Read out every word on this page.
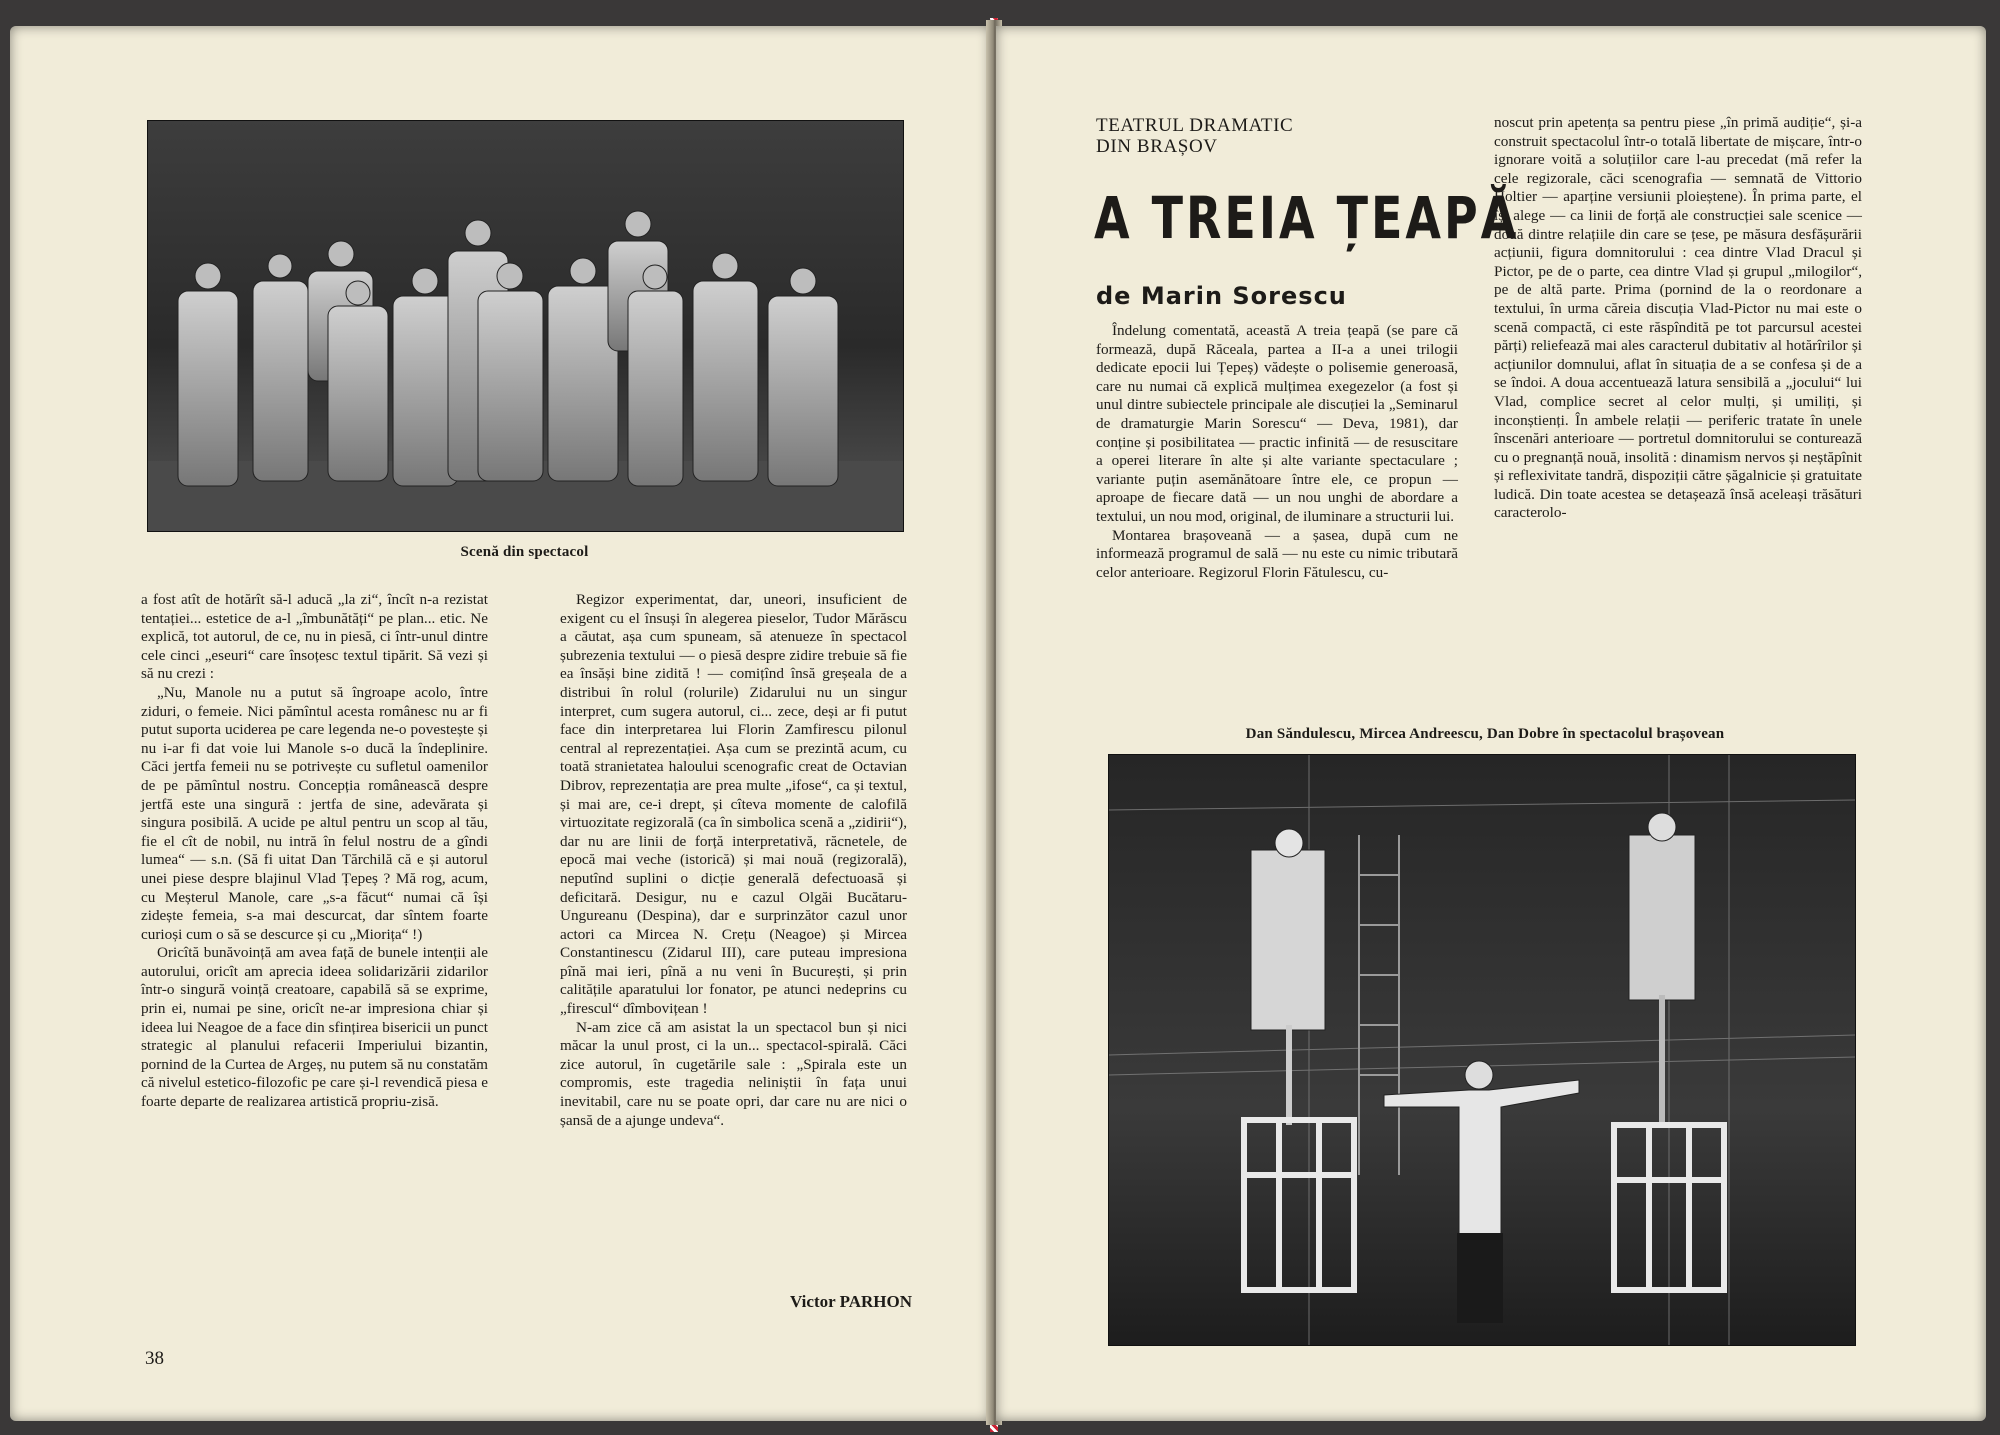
Scenă din spectacol

a fost atît de hotărît să-l aducă „la zi“, încît n-a rezistat tentației... estetice de a-l „îmbunătăți“ pe plan... etic. Ne explică, tot autorul, de ce, nu in piesă, ci într-unul dintre cele cinci „eseuri“ care însoțesc textul tipărit. Să vezi și să nu crezi :

„Nu, Manole nu a putut să îngroape acolo, între ziduri, o femeie. Nici pămîntul acesta românesc nu ar fi putut suporta uciderea pe care legenda ne-o povestește și nu i-ar fi dat voie lui Manole s-o ducă la îndeplinire. Căci jertfa femeii nu se potrivește cu sufletul oamenilor de pe pămîntul nostru. Concepția românească despre jertfă este una singură : jertfa de sine, adevărata și singura posibilă. A ucide pe altul pentru un scop al tău, fie el cît de nobil, nu intră în felul nostru de a gîndi lumea“ — s.n. (Să fi uitat Dan Tărchilă că e și autorul unei piese despre blajinul Vlad Țepeș ? Mă rog, acum, cu Meșterul Manole, care „s-a făcut“ numai că își zidește femeia, s-a mai descurcat, dar sîntem foarte curioși cum o să se descurce și cu „Miorița“ !)

Oricîtă bunăvoință am avea față de bunele intenții ale autorului, oricît am aprecia ideea solidarizării zidarilor într-o singură voință creatoare, capabilă să se exprime, prin ei, numai pe sine, oricît ne-ar impresiona chiar și ideea lui Neagoe de a face din sfințirea bisericii un punct strategic al planului refacerii Imperiului bizantin, pornind de la Curtea de Argeș, nu putem să nu constatăm că nivelul estetico-filozofic pe care și-l revendică piesa e foarte departe de realizarea artistică propriu-zisă.

Regizor experimentat, dar, uneori, insuficient de exigent cu el însuși în alegerea pieselor, Tudor Mărăscu a căutat, așa cum spuneam, să atenueze în spectacol șubrezenia textului — o piesă despre zidire trebuie să fie ea însăși bine zidită ! — comițînd însă greșeala de a distribui în rolul (rolurile) Zidarului nu un singur interpret, cum sugera autorul, ci... zece, deși ar fi putut face din interpretarea lui Florin Zamfirescu pilonul central al reprezentației. Așa cum se prezintă acum, cu toată stranietatea haloului scenografic creat de Octavian Dibrov, reprezentația are prea multe „ifose“, ca și textul, și mai are, ce-i drept, și cîteva momente de calofilă virtuozitate regizorală (ca în simbolica scenă a „zidirii“), dar nu are linii de forță interpretativă, răcnetele, de epocă mai veche (istorică) și mai nouă (regizorală), neputînd suplini o dicție generală defectuoasă și deficitară. Desigur, nu e cazul Olgăi Bucătaru-Ungureanu (Despina), dar e surprinzător cazul unor actori ca Mircea N. Crețu (Neagoe) și Mircea Constantinescu (Zidarul III), care puteau impresiona pînă mai ieri, pînă a nu veni în București, și prin calitățile aparatului lor fonator, pe atunci nedeprins cu „firescul“ dîmbovițean !

N-am zice că am asistat la un spectacol bun și nici măcar la unul prost, ci la un... spectacol-spirală. Căci zice autorul, în cugetările sale : „Spirala este un compromis, este tragedia neliniștii în fața unui inevitabil, care nu se poate opri, dar care nu are nici o șansă de a ajunge undeva“.

Victor PARHON
38
TEATRUL DRAMATIC
DIN BRAȘOV
A TREIA ȚEAPĂ
de Marin Sorescu

Îndelung comentată, această A treia țeapă (se pare că formează, după Răceala, partea a II-a a unei trilogii dedicate epocii lui Țepeș) vădește o polisemie generoasă, care nu numai că explică mulțimea exegezelor (a fost și unul dintre subiectele principale ale discuției la „Seminarul de dramaturgie Marin Sorescu“ — Deva, 1981), dar conține și posibilitatea — practic infinită — de resuscitare a operei literare în alte și alte variante spectaculare ; variante puțin asemănătoare între ele, ce propun — aproape de fiecare dată — un nou unghi de abordare a textului, un nou mod, original, de iluminare a structurii lui.

Montarea brașoveană — a șasea, după cum ne informează programul de sală — nu este cu nimic tributară celor anterioare. Regizorul Florin Fătulescu, cu-

noscut prin apetența sa pentru piese „în primă audiție“, și-a construit spectacolul într-o totală libertate de mișcare, într-o ignorare voită a soluțiilor care l-au precedat (mă refer la cele regizorale, căci scenografia — semnată de Vittorio Holtier — aparține versiunii ploieștene). În prima parte, el își alege — ca linii de forță ale construcției sale scenice — două dintre relațiile din care se țese, pe măsura desfășurării acțiunii, figura domnitorului : cea dintre Vlad Dracul și Pictor, pe de o parte, cea dintre Vlad și grupul „milogilor“, pe de altă parte. Prima (pornind de la o reordonare a textului, în urma căreia discuția Vlad-Pictor nu mai este o scenă compactă, ci este răspîndită pe tot parcursul acestei părți) reliefează mai ales caracterul dubitativ al hotărîrilor și acțiunilor domnului, aflat în situația de a se confesa și de a se îndoi. A doua accentuează latura sensibilă a „jocului“ lui Vlad, complice secret al celor mulți, și umiliți, și inconștienți. În ambele relații — periferic tratate în unele înscenări anterioare — portretul domnitorului se conturează cu o pregnanță nouă, insolită : dinamism nervos și neștăpînit și reflexivitate tandră, dispoziții către șăgalnicie și gratuitate ludică. Din toate acestea se detașează însă aceleași trăsături caracterolo-

Dan Săndulescu, Mircea Andreescu, Dan Dobre în spectacolul brașovean
